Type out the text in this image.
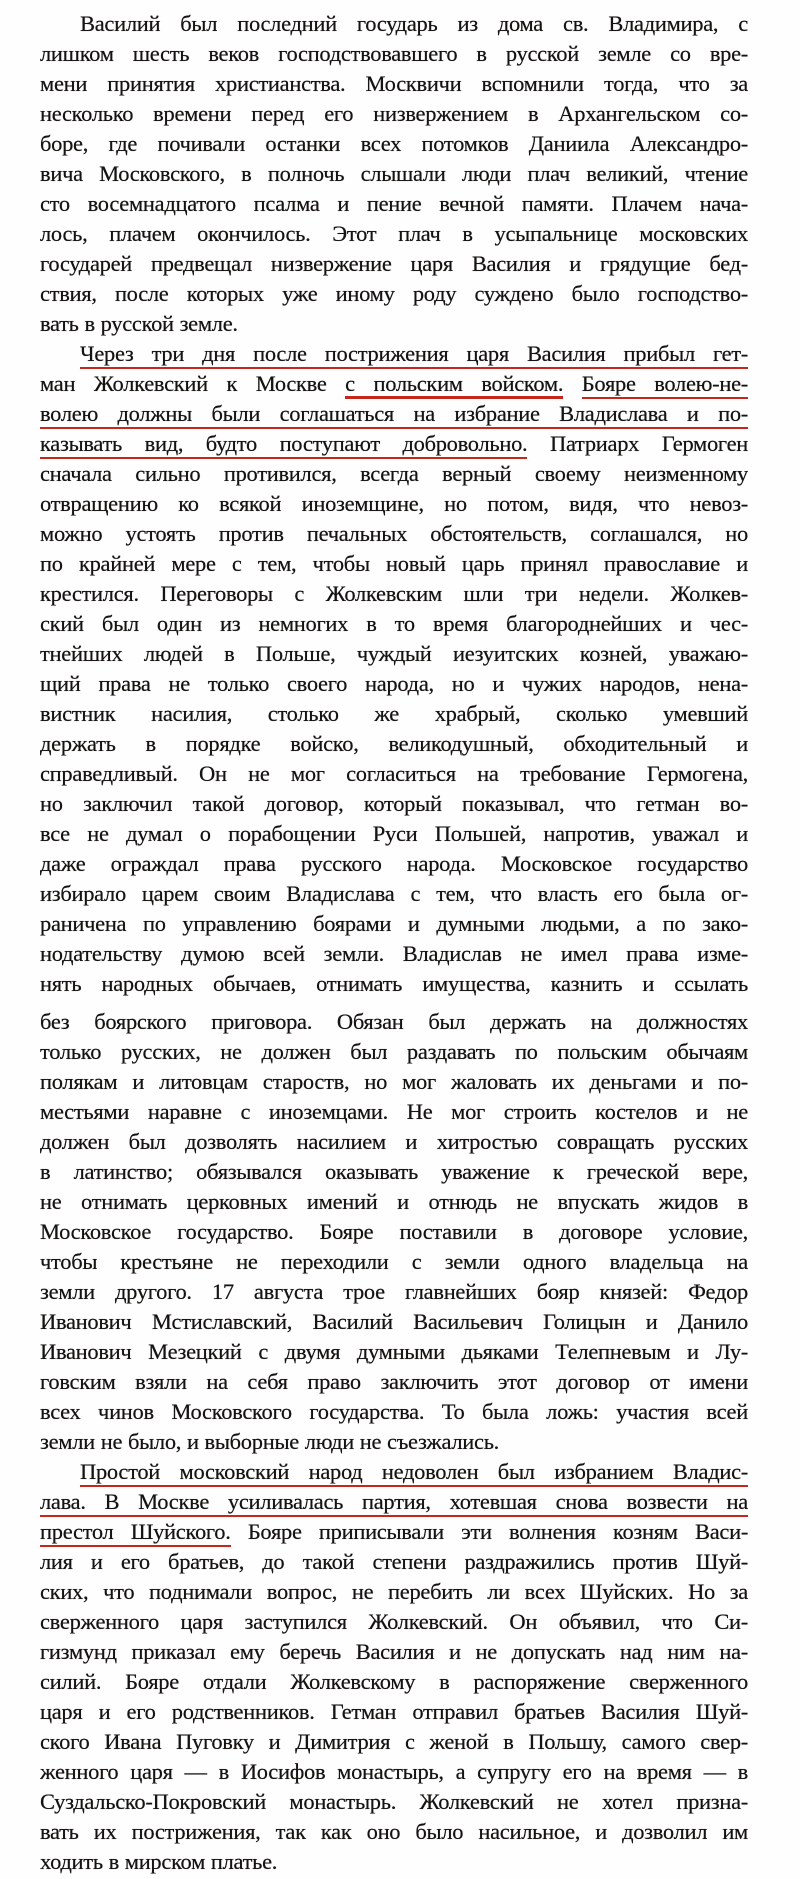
Василий был последний государь из дома св. Владимира, с
лишком шесть веков господствовавшего в русской земле со вре-
мени принятия христианства. Москвичи вспомнили тогда, что за
несколько времени перед его низвержением в Архангельском со-
боре, где почивали останки всех потомков Даниила Александро-
вича Московского, в полночь слышали люди плач великий, чтение
сто восемнадцатого псалма и пение вечной памяти. Плачем нача-
лось, плачем окончилось. Этот плач в усыпальнице московских
государей предвещал низвержение царя Василия и грядущие бед-
ствия, после которых уже иному роду суждено было господство-
вать в русской земле.
Через три дня после пострижения царя Василия прибыл гет-
ман Жолкевский к Москве с польским войском. Бояре волею-не-
волею должны были соглашаться на избрание Владислава и по-
казывать вид, будто поступают добровольно. Патриарх Гермоген
сначала сильно противился, всегда верный своему неизменному
отвращению ко всякой иноземщине, но потом, видя, что невоз-
можно устоять против печальных обстоятельств, соглашался, но
по крайней мере с тем, чтобы новый царь принял православие и
крестился. Переговоры с Жолкевским шли три недели. Жолкев-
ский был один из немногих в то время благороднейших и чес-
тнейших людей в Польше, чуждый иезуитских козней, уважаю-
щий права не только своего народа, но и чужих народов, нена-
вистник насилия, столько же храбрый, сколько умевший
держать в порядке войско, великодушный, обходительный и
справедливый. Он не мог согласиться на требование Гермогена,
но заключил такой договор, который показывал, что гетман во-
все не думал о порабощении Руси Польшей, напротив, уважал и
даже ограждал права русского народа. Московское государство
избирало царем своим Владислава с тем, что власть его была ог-
раничена по управлению боярами и думными людьми, а по зако-
нодательству думою всей земли. Владислав не имел права изме-
нять народных обычаев, отнимать имущества, казнить и ссылать
без боярского приговора. Обязан был держать на должностях
только русских, не должен был раздавать по польским обычаям
полякам и литовцам староств, но мог жаловать их деньгами и по-
местьями наравне с иноземцами. Не мог строить костелов и не
должен был дозволять насилием и хитростью совращать русских
в латинство; обязывался оказывать уважение к греческой вере,
не отнимать церковных имений и отнюдь не впускать жидов в
Московское государство. Бояре поставили в договоре условие,
чтобы крестьяне не переходили с земли одного владельца на
земли другого. 17 августа трое главнейших бояр князей: Федор
Иванович Мстиславский, Василий Васильевич Голицын и Данило
Иванович Мезецкий с двумя думными дьяками Телепневым и Лу-
говским взяли на себя право заключить этот договор от имени
всех чинов Московского государства. То была ложь: участия всей
земли не было, и выборные люди не съезжались.
Простой московский народ недоволен был избранием Владис-
лава. В Москве усиливалась партия, хотевшая снова возвести на
престол Шуйского. Бояре приписывали эти волнения козням Васи-
лия и его братьев, до такой степени раздражились против Шуй-
ских, что поднимали вопрос, не перебить ли всех Шуйских. Но за
сверженного царя заступился Жолкевский. Он объявил, что Си-
гизмунд приказал ему беречь Василия и не допускать над ним на-
силий. Бояре отдали Жолкевскому в распоряжение сверженного
царя и его родственников. Гетман отправил братьев Василия Шуй-
ского Ивана Пуговку и Димитрия с женой в Польшу, самого свер-
женного царя — в Иосифов монастырь, а супругу его на время — в
Суздальско-Покровский монастырь. Жолкевский не хотел призна-
вать их пострижения, так как оно было насильное, и дозволил им
ходить в мирском платье.
